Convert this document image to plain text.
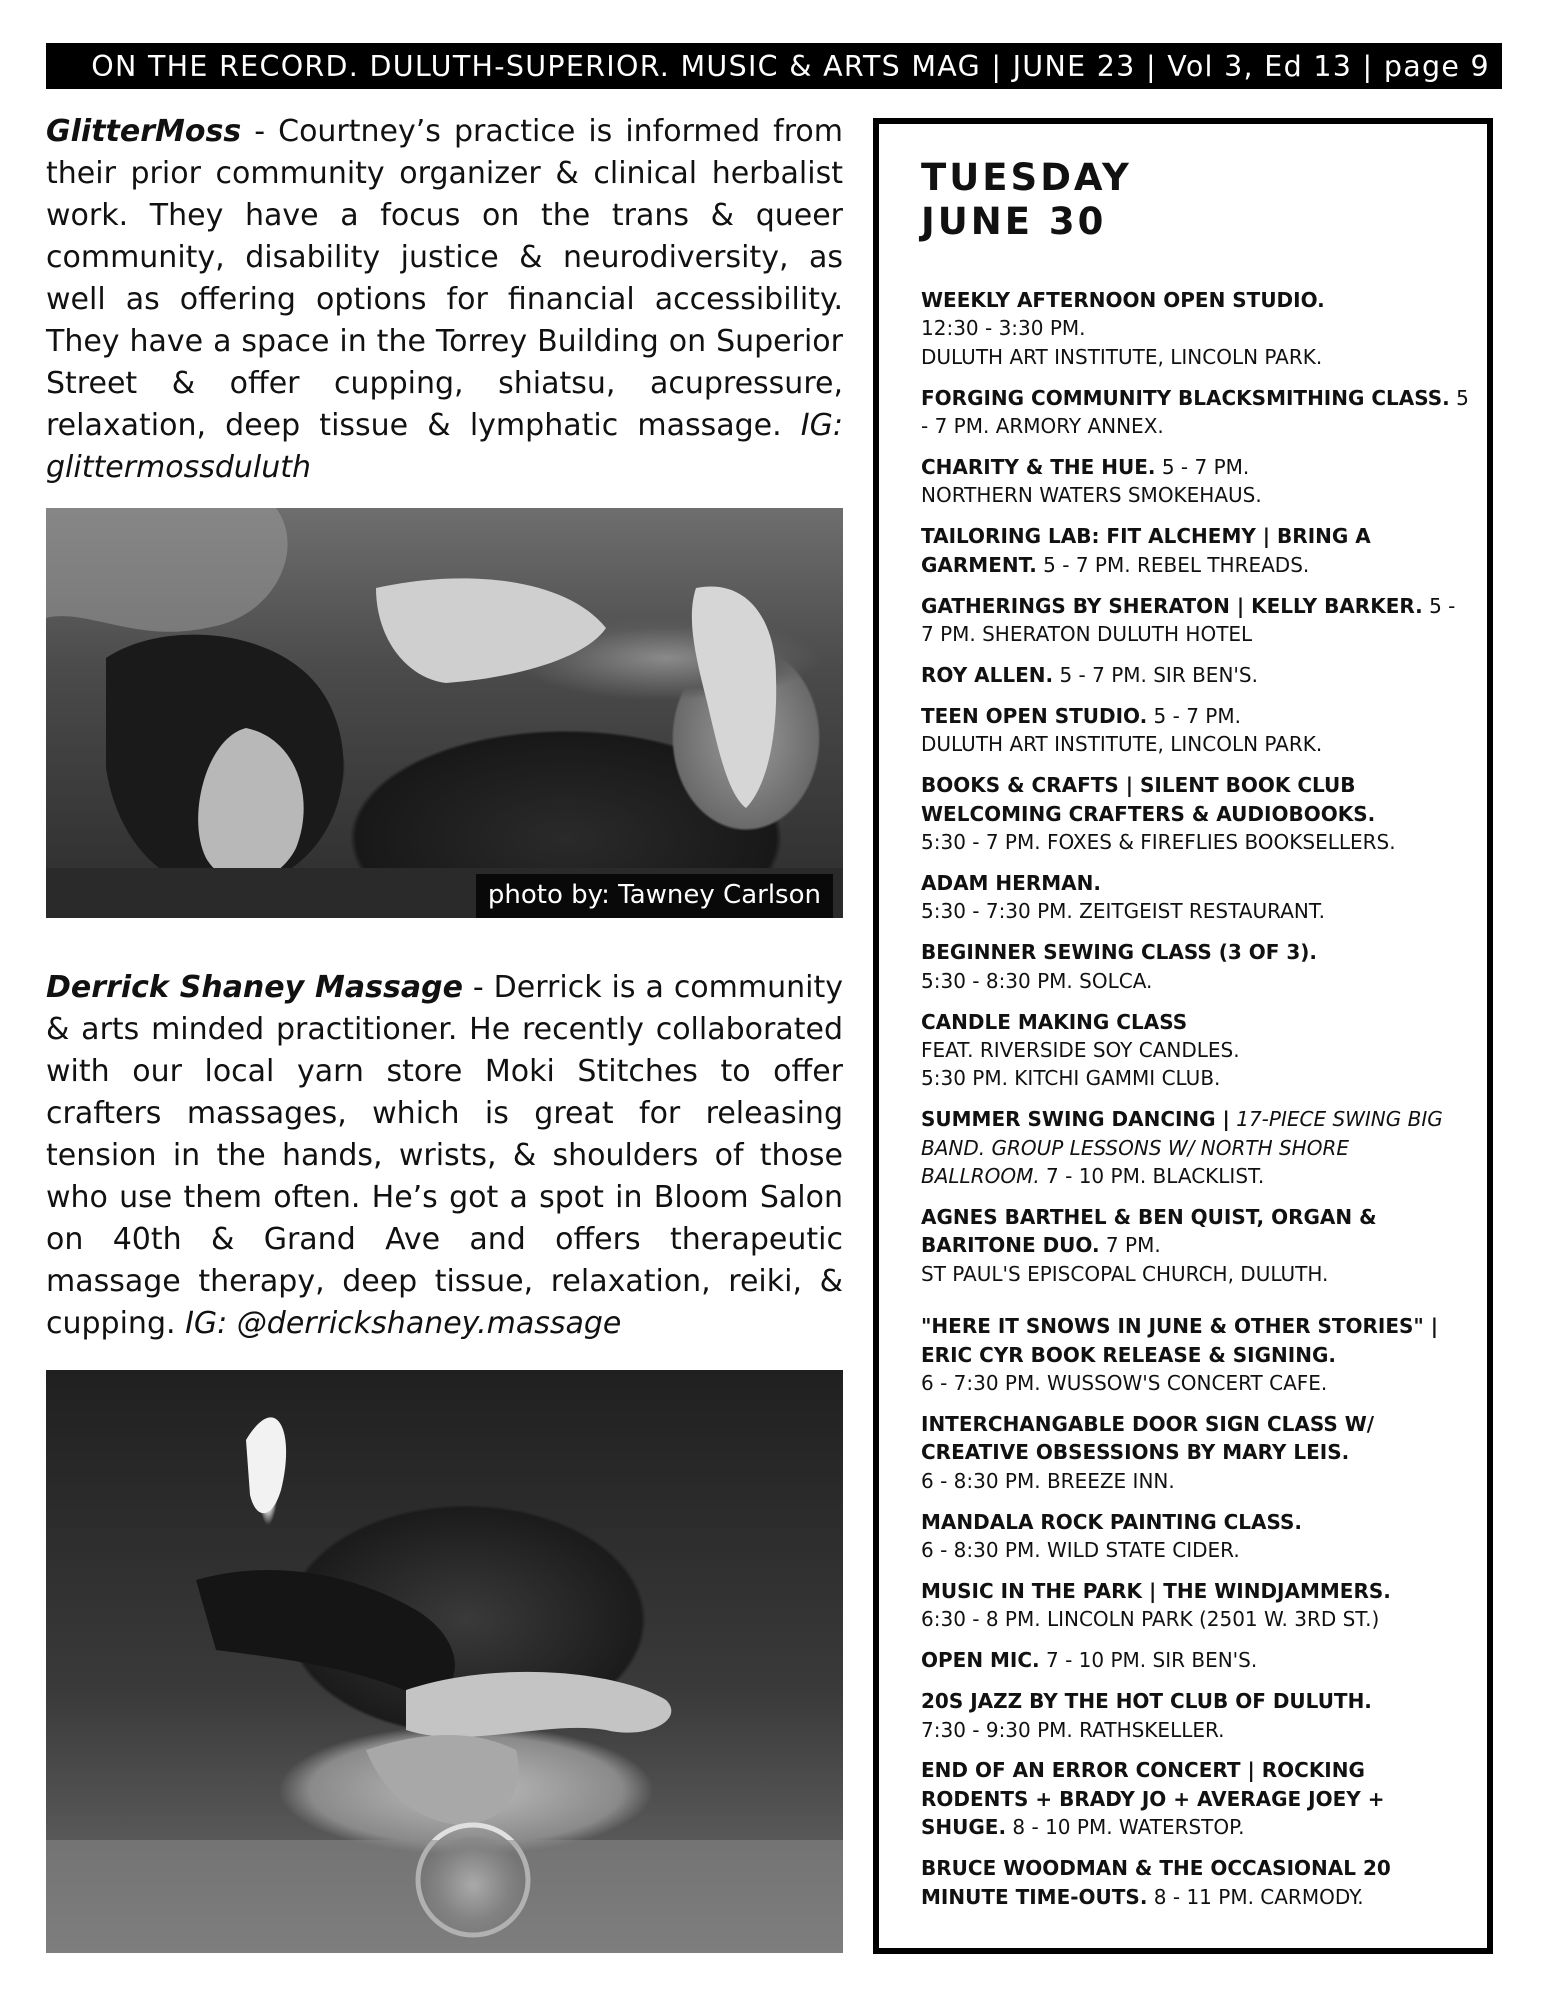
ON THE RECORD. DULUTH-SUPERIOR. MUSIC & ARTS MAG | JUNE 23 | Vol 3, Ed 13 | page 9

GlitterMoss - Courtney’s practice is informed from their prior community organizer & clinical herbalist work. They have a focus on the trans & queer community, disability justice & neurodiversity, as well as offering options for financial accessibility. They have a space in the Torrey Building on Superior Street & offer cupping, shiatsu, acupressure, relaxation, deep tissue & lymphatic massage. IG: glittermossduluth

photo by: Tawney Carlson

Derrick Shaney Massage - Derrick is a community & arts minded practitioner. He recently collaborated with our local yarn store Moki Stitches to offer crafters massages, which is great for releasing tension in the hands, wrists, & shoulders of those who use them often. He’s got a spot in Bloom Salon on 40th & Grand Ave and offers therapeutic massage therapy, deep tissue, relaxation, reiki, & cupping. IG: @derrickshaney.massage

TUESDAY
JUNE 30
WEEKLY AFTERNOON OPEN STUDIO.
12:30 - 3:30 PM.
DULUTH ART INSTITUTE, LINCOLN PARK.
FORGING COMMUNITY BLACKSMITHING CLASS. 5 - 7 PM. ARMORY ANNEX.
CHARITY & THE HUE. 5 - 7 PM.
NORTHERN WATERS SMOKEHAUS.
TAILORING LAB: FIT ALCHEMY | BRING A GARMENT. 5 - 7 PM. REBEL THREADS.
GATHERINGS BY SHERATON | KELLY BARKER. 5 - 7 PM. SHERATON DULUTH HOTEL
ROY ALLEN. 5 - 7 PM. SIR BEN'S.
TEEN OPEN STUDIO. 5 - 7 PM.
DULUTH ART INSTITUTE, LINCOLN PARK.
BOOKS & CRAFTS | SILENT BOOK CLUB WELCOMING CRAFTERS & AUDIOBOOKS.
5:30 - 7 PM. FOXES & FIREFLIES BOOKSELLERS.
ADAM HERMAN.
5:30 - 7:30 PM. ZEITGEIST RESTAURANT.
BEGINNER SEWING CLASS (3 OF 3).
5:30 - 8:30 PM. SOLCA.
CANDLE MAKING CLASS
FEAT. RIVERSIDE SOY CANDLES.
5:30 PM. KITCHI GAMMI CLUB.
SUMMER SWING DANCING | 17-PIECE SWING BIG BAND. GROUP LESSONS W/ NORTH SHORE BALLROOM. 7 - 10 PM. BLACKLIST.
AGNES BARTHEL & BEN QUIST, ORGAN & BARITONE DUO. 7 PM.
ST PAUL'S EPISCOPAL CHURCH, DULUTH.
"HERE IT SNOWS IN JUNE & OTHER STORIES" | ERIC CYR BOOK RELEASE & SIGNING.
6 - 7:30 PM. WUSSOW'S CONCERT CAFE.
INTERCHANGABLE DOOR SIGN CLASS W/ CREATIVE OBSESSIONS BY MARY LEIS.
6 - 8:30 PM. BREEZE INN.
MANDALA ROCK PAINTING CLASS.
6 - 8:30 PM. WILD STATE CIDER.
MUSIC IN THE PARK | THE WINDJAMMERS.
6:30 - 8 PM. LINCOLN PARK (2501 W. 3RD ST.)
OPEN MIC. 7 - 10 PM. SIR BEN'S.
20S JAZZ BY THE HOT CLUB OF DULUTH.
7:30 - 9:30 PM. RATHSKELLER.
END OF AN ERROR CONCERT | ROCKING RODENTS + BRADY JO + AVERAGE JOEY + SHUGE. 8 - 10 PM. WATERSTOP.
BRUCE WOODMAN & THE OCCASIONAL 20 MINUTE TIME-OUTS. 8 - 11 PM. CARMODY.
